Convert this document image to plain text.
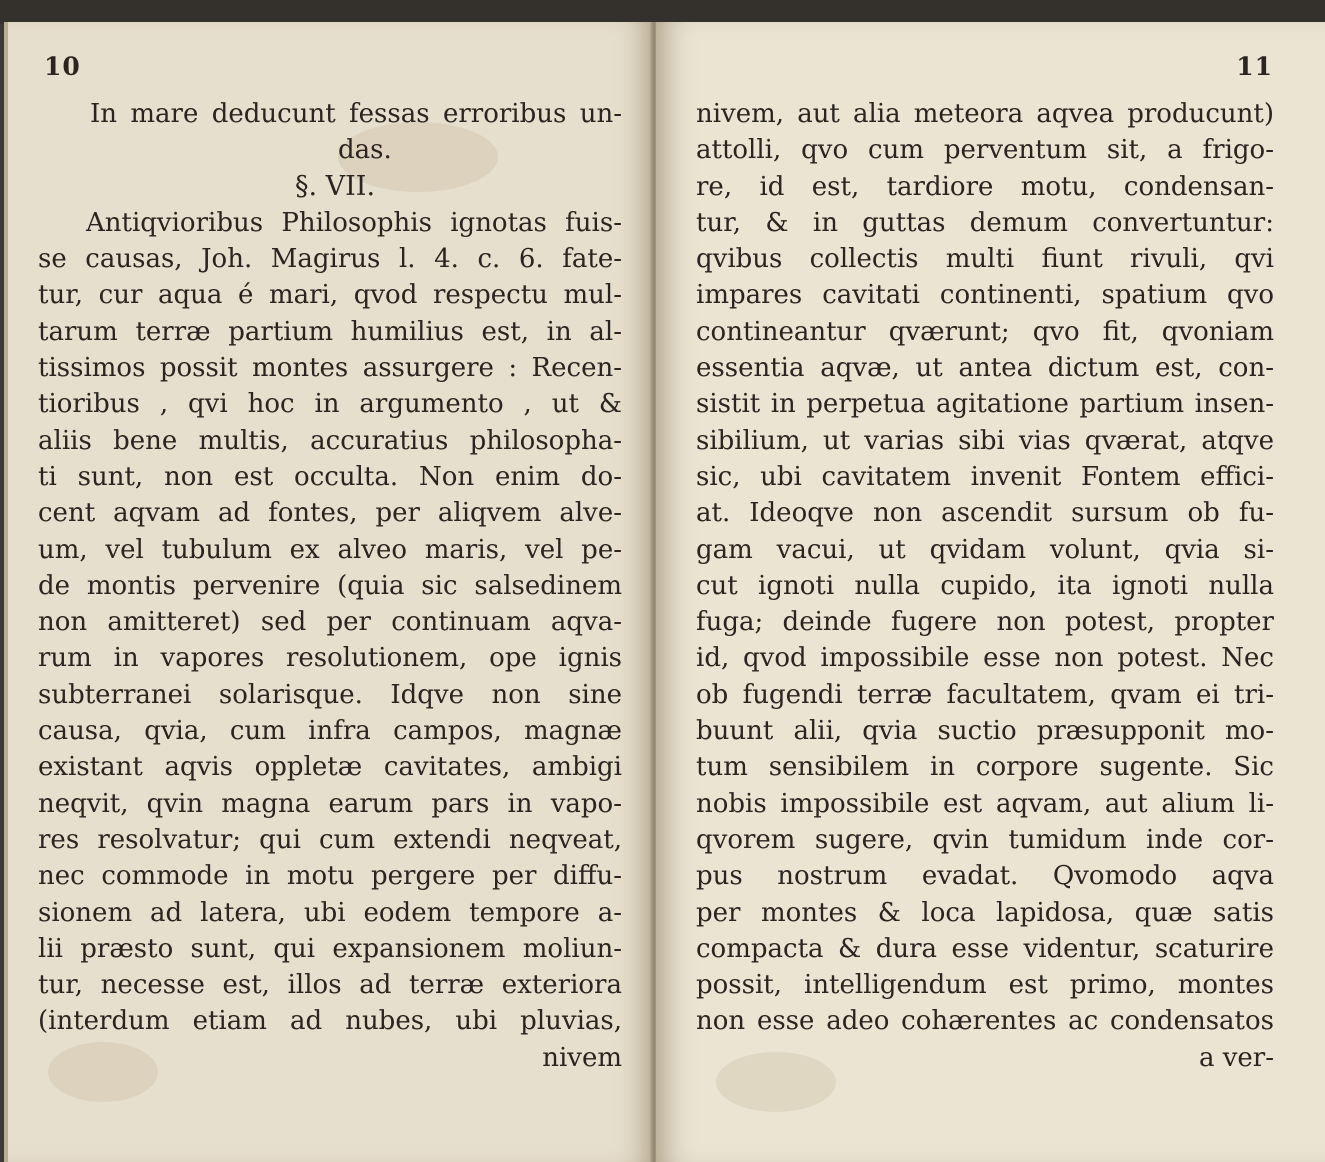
10
In mare deducunt fessas erroribus un-
das.
§. VII.
Antiqvioribus Philosophis ignotas fuis-
se causas, Joh. Magirus l. 4. c. 6. fate-
tur, cur aqua é mari, qvod respectu mul-
tarum terræ partium humilius est, in al-
tissimos possit montes assurgere : Recen-
tioribus , qvi hoc in argumento , ut &
aliis bene multis, accuratius philosopha-
ti sunt, non est occulta. Non enim do-
cent aqvam ad fontes, per aliqvem alve-
um, vel tubulum ex alveo maris, vel pe-
de montis pervenire (quia sic salsedinem
non amitteret) sed per continuam aqva-
rum in vapores resolutionem, ope ignis
subterranei solarisque. Idqve non sine
causa, qvia, cum infra campos, magnæ
existant aqvis oppletæ cavitates, ambigi
neqvit, qvin magna earum pars in vapo-
res resolvatur; qui cum extendi neqveat,
nec commode in motu pergere per diffu-
sionem ad latera, ubi eodem tempore a-
lii præsto sunt, qui expansionem moliun-
tur, necesse est, illos ad terræ exteriora
(interdum etiam ad nubes, ubi pluvias,
nivem
11
nivem, aut alia meteora aqvea producunt)
attolli, qvo cum perventum sit, a frigo-
re, id est, tardiore motu, condensan-
tur, & in guttas demum convertuntur:
qvibus collectis multi fiunt rivuli, qvi
impares cavitati continenti, spatium qvo
contineantur qværunt; qvo fit, qvoniam
essentia aqvæ, ut antea dictum est, con-
sistit in perpetua agitatione partium insen-
sibilium, ut varias sibi vias qværat, atqve
sic, ubi cavitatem invenit Fontem effici-
at. Ideoqve non ascendit sursum ob fu-
gam vacui, ut qvidam volunt, qvia si-
cut ignoti nulla cupido, ita ignoti nulla
fuga; deinde fugere non potest, propter
id, qvod impossibile esse non potest. Nec
ob fugendi terræ facultatem, qvam ei tri-
buunt alii, qvia suctio præsupponit mo-
tum sensibilem in corpore sugente. Sic
nobis impossibile est aqvam, aut alium li-
qvorem sugere, qvin tumidum inde cor-
pus nostrum evadat. Qvomodo aqva
per montes & loca lapidosa, quæ satis
compacta & dura esse videntur, scaturire
possit, intelligendum est primo, montes
non esse adeo cohærentes ac condensatos
a ver-
